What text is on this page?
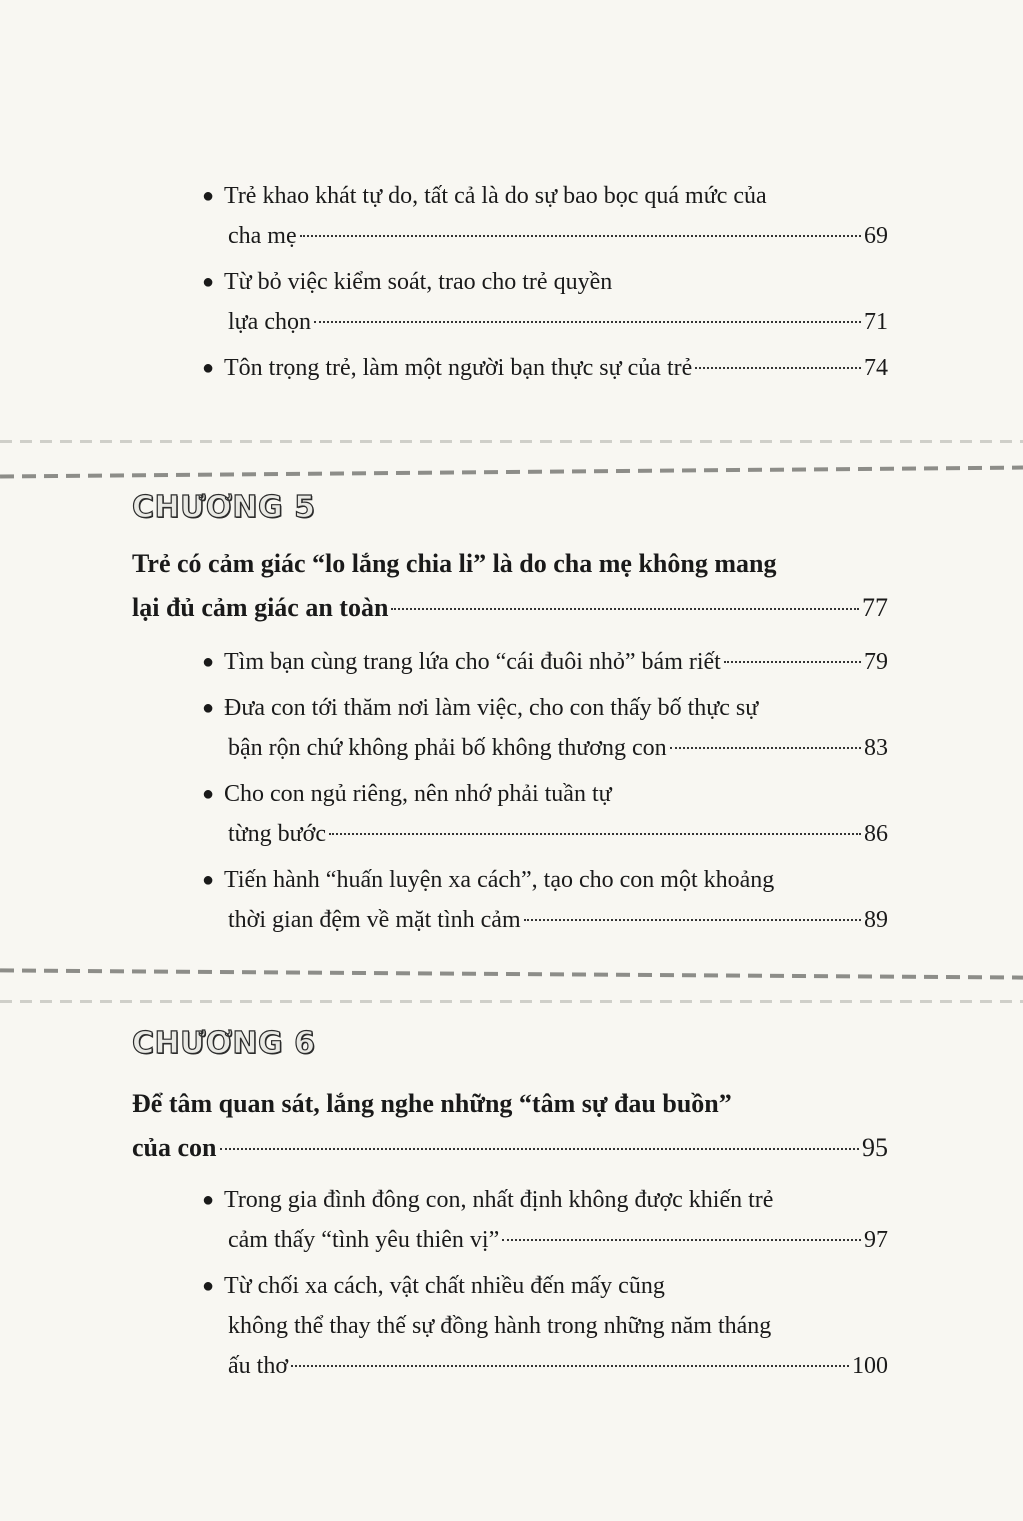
● Trẻ khao khát tự do, tất cả là do sự bao bọc quá mức của
cha mẹ	69
● Từ bỏ việc kiểm soát, trao cho trẻ quyền
lựa chọn	71
● Tôn trọng trẻ, làm một người bạn thực sự của trẻ	74
CHƯƠNG 5
Trẻ có cảm giác “lo lắng chia li” là do cha mẹ không mang
lại đủ cảm giác an toàn	77
● Tìm bạn cùng trang lứa cho “cái đuôi nhỏ” bám riết	79
● Đưa con tới thăm nơi làm việc, cho con thấy bố thực sự
bận rộn chứ không phải bố không thương con	83
● Cho con ngủ riêng, nên nhớ phải tuần tự
từng bước	86
● Tiến hành “huấn luyện xa cách”, tạo cho con một khoảng
thời gian đệm về mặt tình cảm	89
CHƯƠNG 6
Để tâm quan sát, lắng nghe những “tâm sự đau buồn”
của con	95
● Trong gia đình đông con, nhất định không được khiến trẻ
cảm thấy “tình yêu thiên vị”	97
● Từ chối xa cách, vật chất nhiều đến mấy cũng
không thể thay thế sự đồng hành trong những năm tháng
ấu thơ	100
